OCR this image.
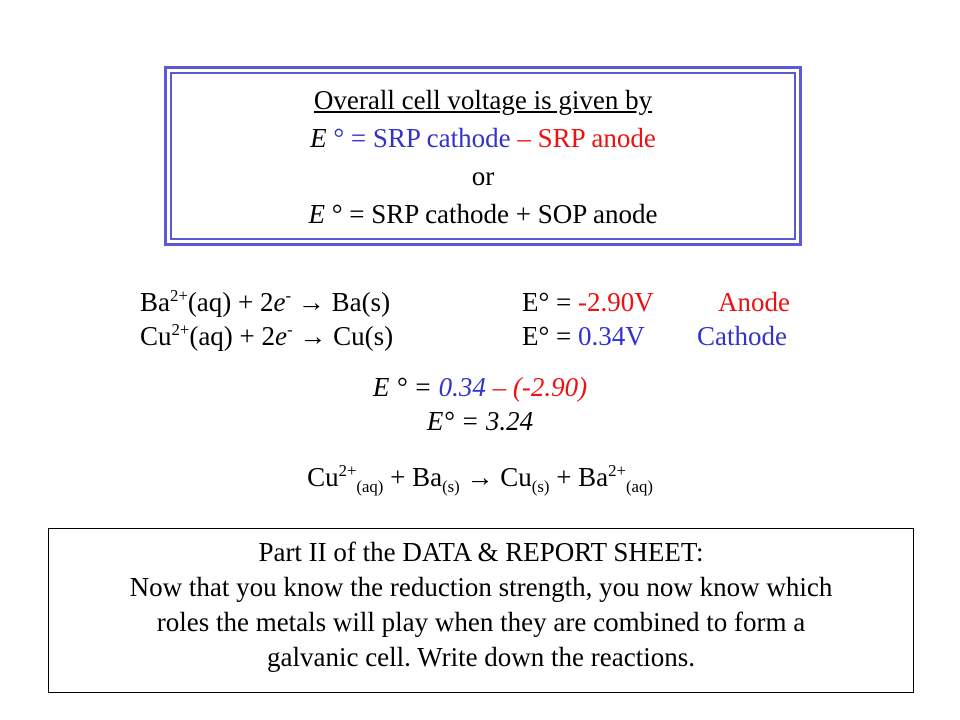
Overall cell voltage is given by
E ° = SRP cathode – SRP anode
or
E ° = SRP cathode + SOP anode
$Ba^{2+}(aq) + 2e^- \to Ba(s)$	E° = -2.90V Anode
$Cu^{2+}(aq) + 2e^- \to Cu(s)$	E° = 0.34V Cathode
E ° = 0.34 – (-2.90)
E° = 3.24
$Cu^{2+}_{(aq)} + Ba_{(s)} \to Cu_{(s)} + Ba^{2+}_{(aq)}$
Part II of the DATA & REPORT SHEET:
Now that you know the reduction strength, you now know which
roles the metals will play when they are combined to form a
galvanic cell. Write down the reactions.
